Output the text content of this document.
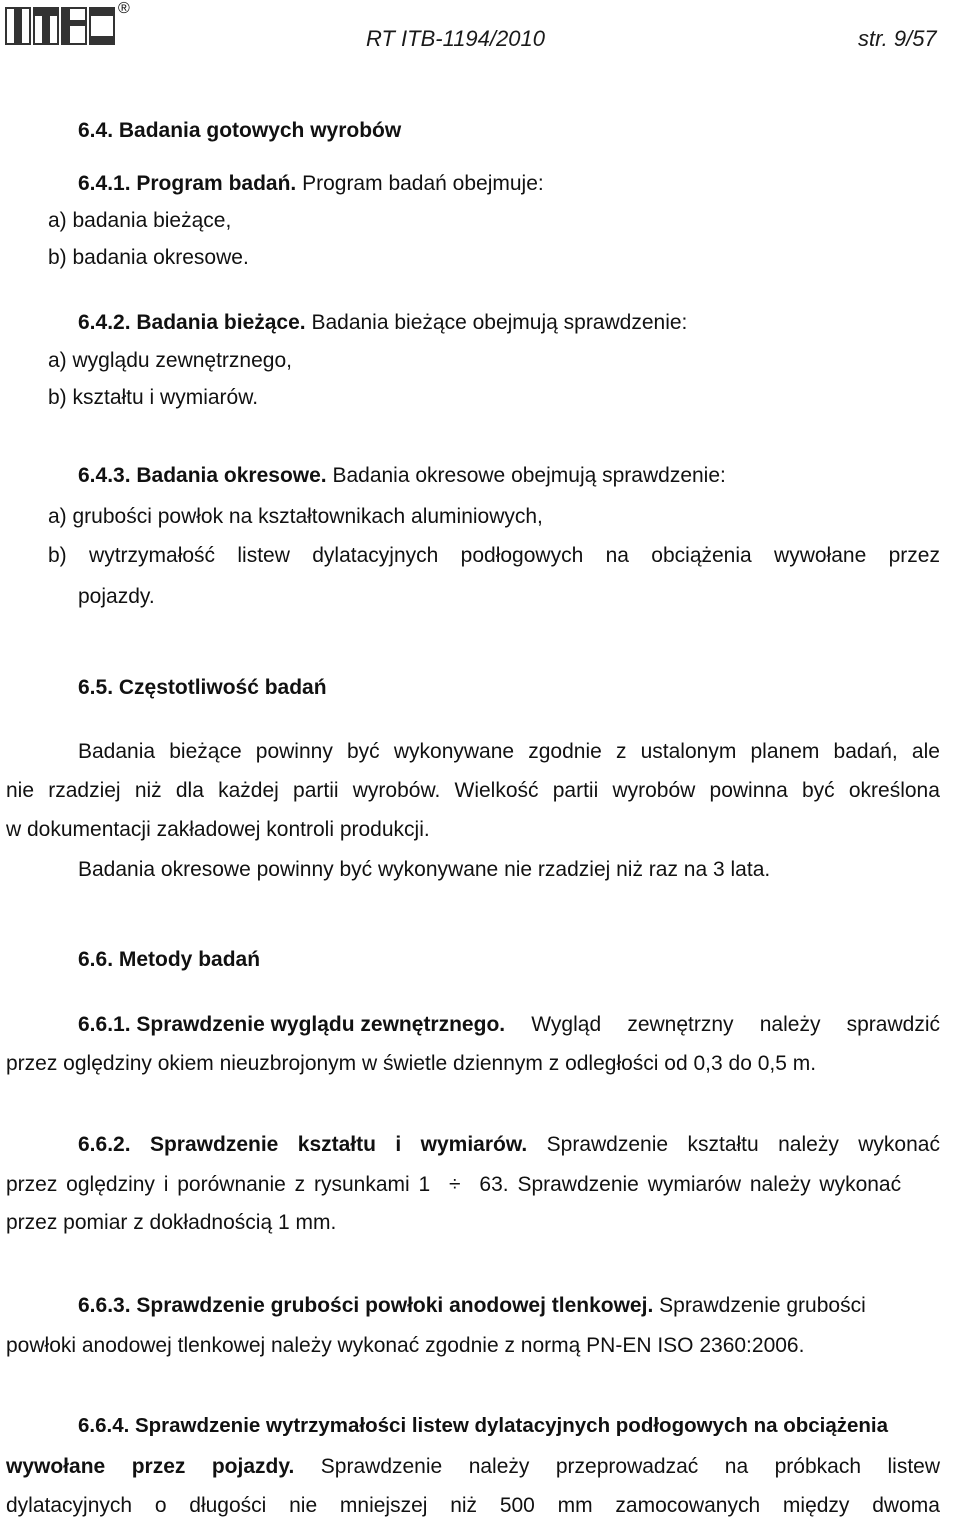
®
RT ITB-1194/2010	str. 9/57
6.4. Badania gotowych wyrobów
6.4.1. Program badań. Program badań obejmuje:
a) badania bieżące,
b) badania okresowe.
6.4.2. Badania bieżące. Badania bieżące obejmują sprawdzenie:
a) wyglądu zewnętrznego,
b) kształtu i wymiarów.
6.4.3. Badania okresowe. Badania okresowe obejmują sprawdzenie:
a) grubości powłok na kształtownikach aluminiowych,
b) wytrzymałość listew dylatacyjnych podłogowych na obciążenia wywołane przez
pojazdy.
6.5. Częstotliwość badań
Badania bieżące powinny być wykonywane zgodnie z ustalonym planem badań, ale
nie rzadziej niż dla każdej partii wyrobów. Wielkość partii wyrobów powinna być określona
w dokumentacji zakładowej kontroli produkcji.
Badania okresowe powinny być wykonywane nie rzadziej niż raz na 3 lata.
6.6. Metody badań
6.6.1. Sprawdzenie wyglądu zewnętrznego. Wygląd zewnętrzny należy sprawdzić
przez oględziny okiem nieuzbrojonym w świetle dziennym z odległości od 0,3 do 0,5 m.
6.6.2. Sprawdzenie kształtu i wymiarów. Sprawdzenie kształtu należy wykonać
przez oględziny i porównanie z rysunkami 1 ÷ 63. Sprawdzenie wymiarów należy wykonać
przez pomiar z dokładnością 1 mm.
6.6.3. Sprawdzenie grubości powłoki anodowej tlenkowej. Sprawdzenie grubości
powłoki anodowej tlenkowej należy wykonać zgodnie z normą PN-EN ISO 2360:2006.
6.6.4. Sprawdzenie wytrzymałości listew dylatacyjnych podłogowych na obciążenia
wywołane przez pojazdy. Sprawdzenie należy przeprowadzać na próbkach listew
dylatacyjnych o długości nie mniejszej niż 500 mm zamocowanych między dwoma
